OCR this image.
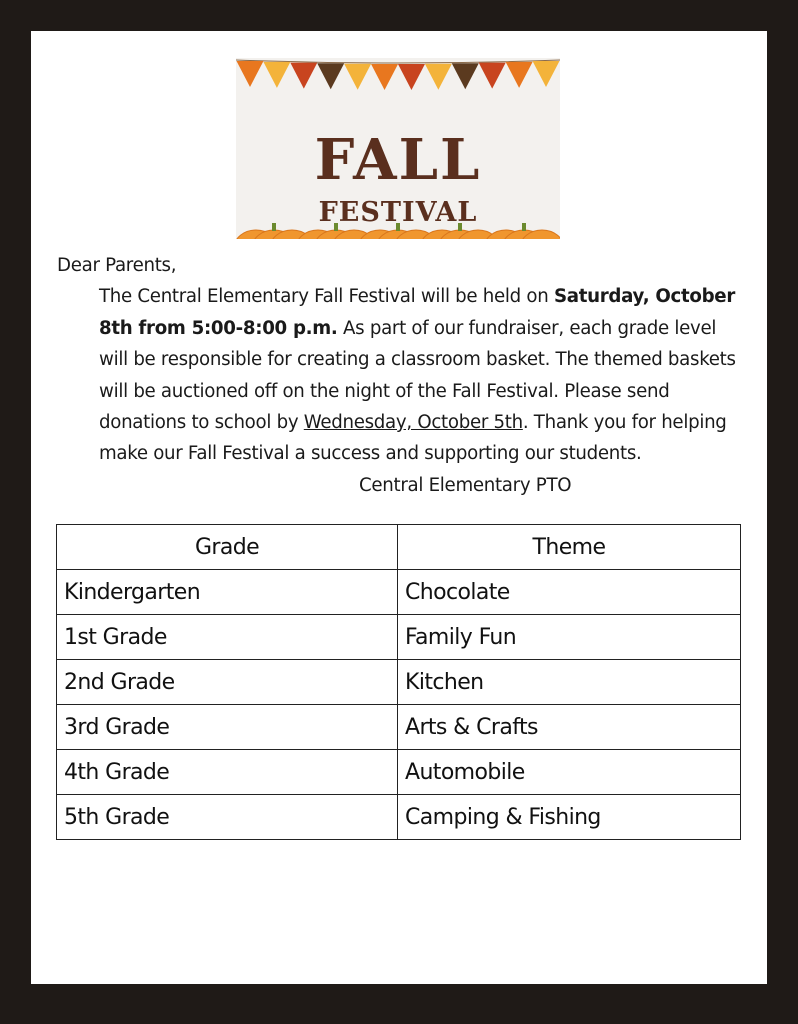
FALL
FESTIVAL

Dear Parents,

The Central Elementary Fall Festival will be held on Saturday, October 8th from 5:00-8:00 p.m. As part of our fundraiser, each grade level will be responsible for creating a classroom basket. The themed baskets will be auctioned off on the night of the Fall Festival. Please send donations to school by Wednesday, October 5th. Thank you for helping make our Fall Festival a success and supporting our students.

Central Elementary PTO

Grade	Theme
Kindergarten	Chocolate
1st Grade	Family Fun
2nd Grade	Kitchen
3rd Grade	Arts & Crafts
4th Grade	Automobile
5th Grade	Camping & Fishing
